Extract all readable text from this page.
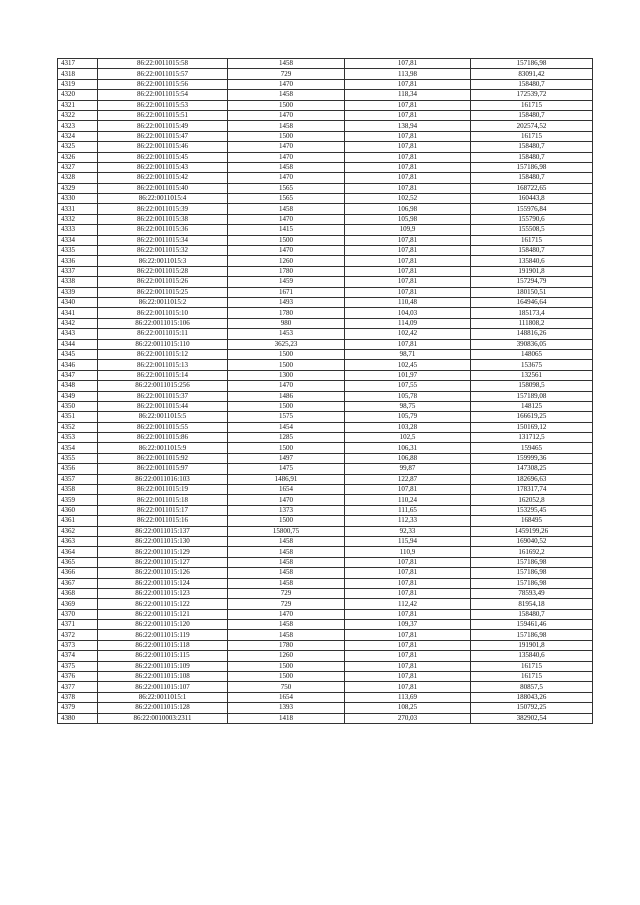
4317	86:22:0011015:58	1458	107,81	157186,98
4318	86:22:0011015:57	729	113,98	83091,42
4319	86:22:0011015:56	1470	107,81	158480,7
4320	86:22:0011015:54	1458	118,34	172539,72
4321	86:22:0011015:53	1500	107,81	161715
4322	86:22:0011015:51	1470	107,81	158480,7
4323	86:22:0011015:49	1458	138,94	202574,52
4324	86:22:0011015:47	1500	107,81	161715
4325	86:22:0011015:46	1470	107,81	158480,7
4326	86:22:0011015:45	1470	107,81	158480,7
4327	86:22:0011015:43	1458	107,81	157186,98
4328	86:22:0011015:42	1470	107,81	158480,7
4329	86:22:0011015:40	1565	107,81	168722,65
4330	86:22:0011015:4	1565	102,52	160443,8
4331	86:22:0011015:39	1458	106,98	155976,84
4332	86:22:0011015:38	1470	105,98	155790,6
4333	86:22:0011015:36	1415	109,9	155508,5
4334	86:22:0011015:34	1500	107,81	161715
4335	86:22:0011015:32	1470	107,81	158480,7
4336	86:22:0011015:3	1260	107,81	135840,6
4337	86:22:0011015:28	1780	107,81	191901,8
4338	86:22:0011015:26	1459	107,81	157294,79
4339	86:22:0011015:25	1671	107,81	180150,51
4340	86:22:0011015:2	1493	110,48	164946,64
4341	86:22:0011015:10	1780	104,03	185173,4
4342	86:22:0011015:106	980	114,09	111808,2
4343	86:22:0011015:11	1453	102,42	148816,26
4344	86:22:0011015:110	3625,23	107,81	390836,05
4345	86:22:0011015:12	1500	98,71	148065
4346	86:22:0011015:13	1500	102,45	153675
4347	86:22:0011015:14	1300	101,97	132561
4348	86:22:0011015:256	1470	107,55	158098,5
4349	86:22:0011015:37	1486	105,78	157189,08
4350	86:22:0011015:44	1500	98,75	148125
4351	86:22:0011015:5	1575	105,79	166619,25
4352	86:22:0011015:55	1454	103,28	150169,12
4353	86:22:0011015:86	1285	102,5	131712,5
4354	86:22:0011015:9	1500	106,31	159465
4355	86:22:0011015:92	1497	106,88	159999,36
4356	86:22:0011015:97	1475	99,87	147308,25
4357	86:22:0011016:103	1486,91	122,87	182696,63
4358	86:22:0011015:19	1654	107,81	178317,74
4359	86:22:0011015:18	1470	110,24	162052,8
4360	86:22:0011015:17	1373	111,65	153295,45
4361	86:22:0011015:16	1500	112,33	168495
4362	86:22:0011015:137	15800,75	92,33	1459199,26
4363	86:22:0011015:130	1458	115,94	169040,52
4364	86:22:0011015:129	1458	110,9	161692,2
4365	86:22:0011015:127	1458	107,81	157186,98
4366	86:22:0011015:126	1458	107,81	157186,98
4367	86:22:0011015:124	1458	107,81	157186,98
4368	86:22:0011015:123	729	107,81	78593,49
4369	86:22:0011015:122	729	112,42	81954,18
4370	86:22:0011015:121	1470	107,81	158480,7
4371	86:22:0011015:120	1458	109,37	159461,46
4372	86:22:0011015:119	1458	107,81	157186,98
4373	86:22:0011015:118	1780	107,81	191901,8
4374	86:22:0011015:115	1260	107,81	135840,6
4375	86:22:0011015:109	1500	107,81	161715
4376	86:22:0011015:108	1500	107,81	161715
4377	86:22:0011015:107	750	107,81	80857,5
4378	86:22:0011015:1	1654	113,69	188043,26
4379	86:22:0011015:128	1393	108,25	150792,25
4380	86:22:0010003:2311	1418	270,03	382902,54
